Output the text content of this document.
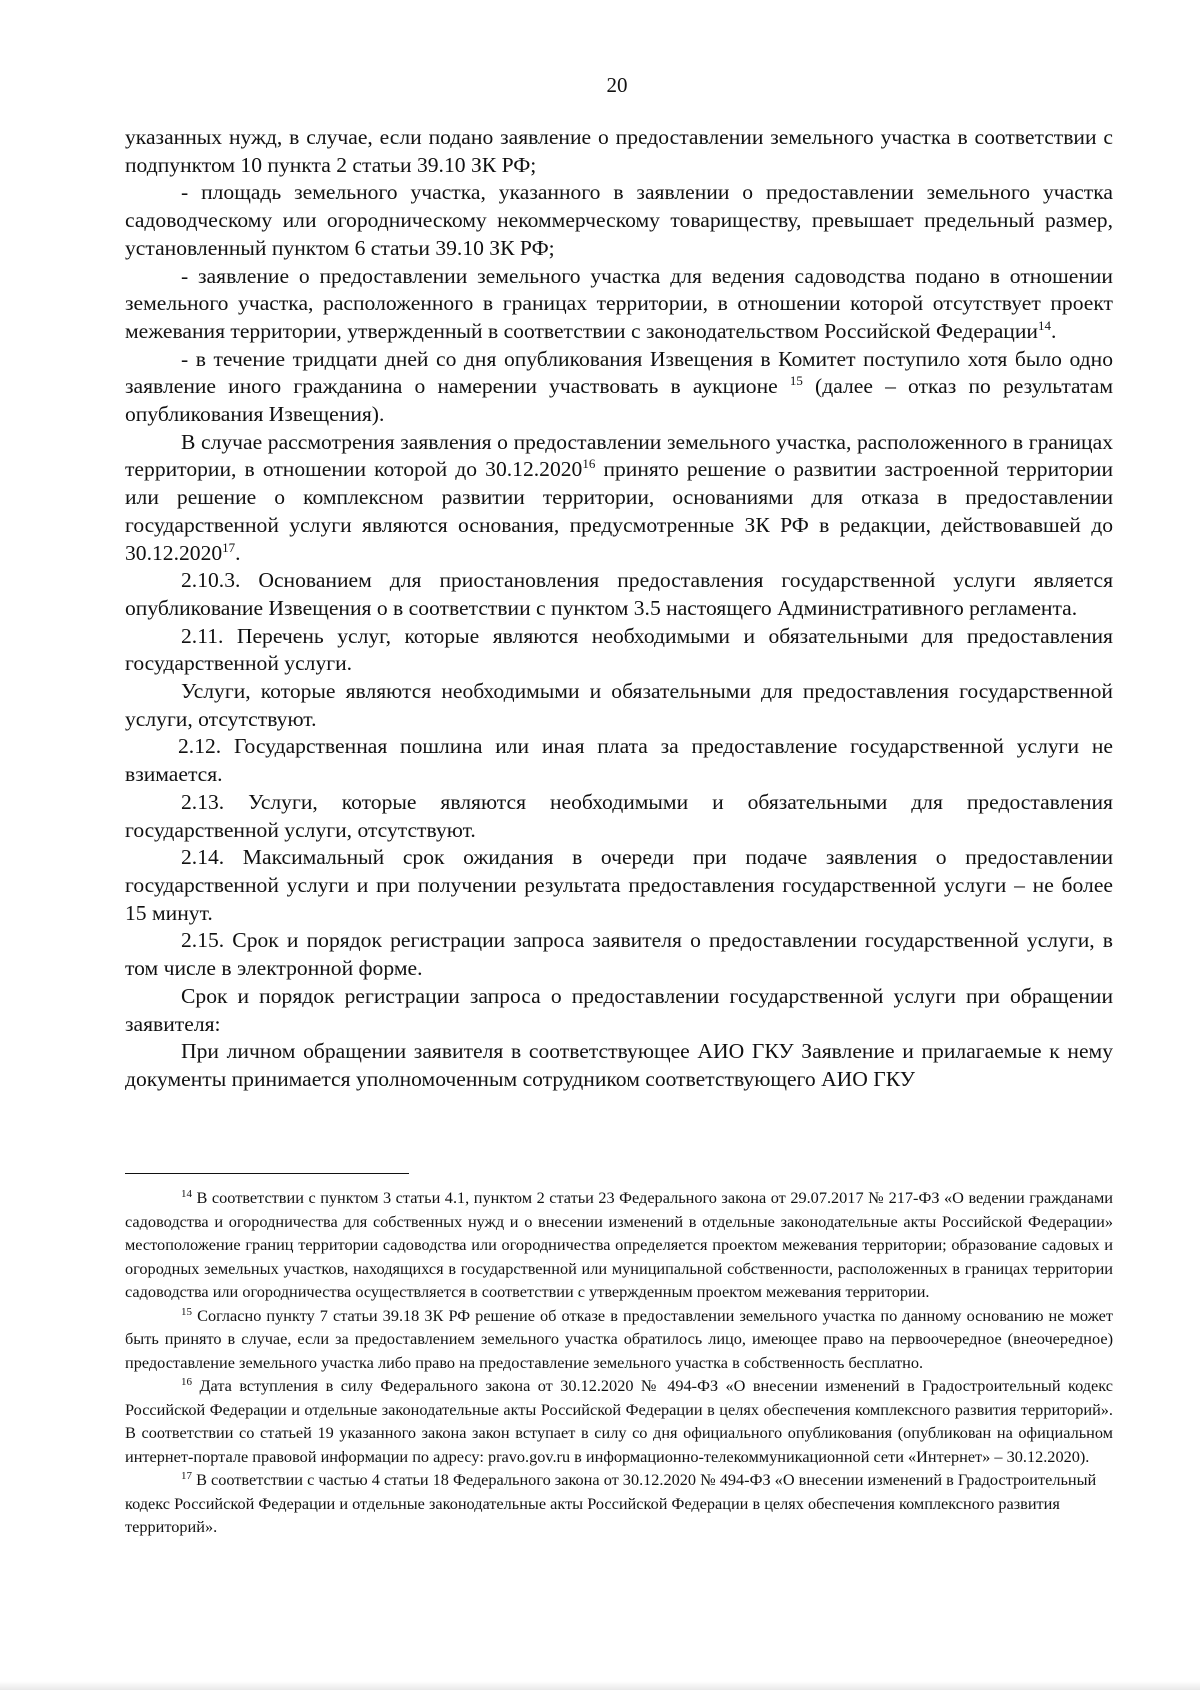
20

указанных нужд, в случае, если подано заявление о предоставлении земельного участка в соответствии с подпунктом 10 пункта 2 статьи 39.10 ЗК РФ;

- площадь земельного участка, указанного в заявлении о предоставлении земельного участка садоводческому или огородническому некоммерческому товариществу, превышает предельный размер, установленный пунктом 6 статьи 39.10 ЗК РФ;

- заявление о предоставлении земельного участка для ведения садоводства подано в отношении земельного участка, расположенного в границах территории, в отношении которой отсутствует проект межевания территории, утвержденный в соответствии с законодательством Российской Федерации$^{14}$.

- в течение тридцати дней со дня опубликования Извещения в Комитет поступило хотя было одно заявление иного гражданина о намерении участвовать в аукционе $^{15}$ (далее – отказ по результатам опубликования Извещения).

В случае рассмотрения заявления о предоставлении земельного участка, расположенного в границах территории, в отношении которой до 30.12.2020$^{16}$ принято решение о развитии застроенной территории или решение о комплексном развитии территории, основаниями для отказа в предоставлении государственной услуги являются основания, предусмотренные ЗК РФ в редакции, действовавшей до 30.12.2020$^{17}$.

2.10.3. Основанием для приостановления предоставления государственной услуги является опубликование Извещения о в соответствии с пунктом 3.5 настоящего Административного регламента.

2.11. Перечень услуг, которые являются необходимыми и обязательными для предоставления государственной услуги.

Услуги, которые являются необходимыми и обязательными для предоставления государственной услуги, отсутствуют.

2.12. Государственная пошлина или иная плата за предоставление государственной услуги не взимается.

2.13. Услуги, которые являются необходимыми и обязательными для предоставления государственной услуги, отсутствуют.

2.14. Максимальный срок ожидания в очереди при подаче заявления о предоставлении государственной услуги и при получении результата предоставления государственной услуги – не более 15 минут.

2.15. Срок и порядок регистрации запроса заявителя о предоставлении государственной услуги, в том числе в электронной форме.

Срок и порядок регистрации запроса о предоставлении государственной услуги при обращении заявителя:

При личном обращении заявителя в соответствующее АИО ГКУ Заявление и прилагаемые к нему документы принимается уполномоченным сотрудником соответствующего АИО ГКУ

$^{14}$ В соответствии с пунктом 3 статьи 4.1, пунктом 2 статьи 23 Федерального закона от 29.07.2017 № 217-ФЗ «О ведении гражданами садоводства и огородничества для собственных нужд и о внесении изменений в отдельные законодательные акты Российской Федерации» местоположение границ территории садоводства или огородничества определяется проектом межевания территории; образование садовых и огородных земельных участков, находящихся в государственной или муниципальной собственности, расположенных в границах территории садоводства или огородничества осуществляется в соответствии с утвержденным проектом межевания территории.

$^{15}$ Согласно пункту 7 статьи 39.18 ЗК РФ решение об отказе в предоставлении земельного участка по данному основанию не может быть принято в случае, если за предоставлением земельного участка обратилось лицо, имеющее право на первоочередное (внеочередное) предоставление земельного участка либо право на предоставление земельного участка в собственность бесплатно.

$^{16}$ Дата вступления в силу Федерального закона от 30.12.2020 № 494-ФЗ «О внесении изменений в Градостроительный кодекс Российской Федерации и отдельные законодательные акты Российской Федерации в целях обеспечения комплексного развития территорий». В соответствии со статьей 19 указанного закона закон вступает в силу со дня официального опубликования (опубликован на официальном интернет-портале правовой информации по адресу: pravo.gov.ru в информационно-телекоммуникационной сети «Интернет» – 30.12.2020).

$^{17}$ В соответствии с частью 4 статьи 18 Федерального закона от 30.12.2020 № 494-ФЗ «О внесении изменений в Градостроительный кодекс Российской Федерации и отдельные законодательные акты Российской Федерации в целях обеспечения комплексного развития территорий».
